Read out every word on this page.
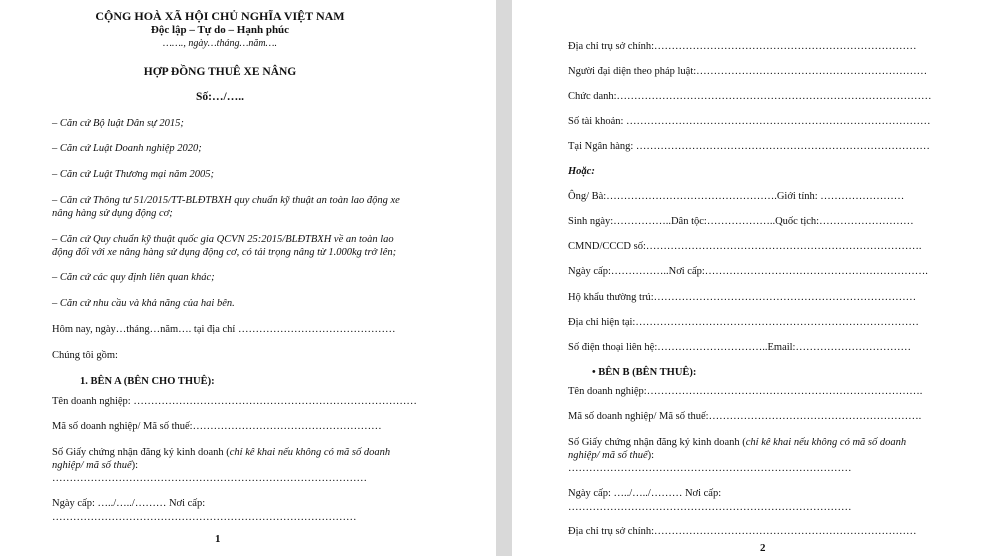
CỘNG HOÀ XÃ HỘI CHỦ NGHĨA VIỆT NAM
Độc lập – Tự do – Hạnh phúc
……., ngày…tháng…năm….
HỢP ĐỒNG THUÊ XE NÂNG
Số:…/…..
– Căn cứ Bộ luật Dân sự 2015;
– Căn cứ Luật Doanh nghiệp 2020;
– Căn cứ Luật Thương mại năm 2005;
– Căn cứ Thông tư 51/2015/TT-BLĐTBXH quy chuẩn kỹ thuật an toàn lao động xe
nâng hàng sử dụng động cơ;
– Căn cứ Quy chuẩn kỹ thuật quốc gia QCVN 25:2015/BLĐTBXH về an toàn lao
động đối với xe nâng hàng sử dụng động cơ, có tải trọng nâng từ 1.000kg trở lên;
– Căn cứ các quy định liên quan khác;
– Căn cứ nhu cầu và khả năng của hai bên.
Hôm nay, ngày…tháng…năm…. tại địa chỉ ………………………………………
Chúng tôi gồm:
1. BÊN A (BÊN CHO THUÊ):
Tên doanh nghiệp: ………………………………………………………………………
Mã số doanh nghiệp/ Mã số thuế:………………………………………………
Số Giấy chứng nhận đăng ký kinh doanh (chỉ kê khai nếu không có mã số doanh
nghiệp/ mã số thuế):
………………………………………………………………………………
Ngày cấp: …../…../……… Nơi cấp:
……………………………………………………………………………
1
Địa chỉ trụ sở chính:…………………………………………………………………
Người đại diện theo pháp luật:…………………………………………………………
Chức danh:………………………………………………………………………………
Số tài khoản: ……………………………………………………………………………
Tại Ngân hàng: …………………………………………………………………………
Hoặc:
Ông/ Bà:………………………………………….Giới tính: ……………………
Sinh ngày:……………..Dân tộc:………………..Quốc tịch:………………………
CMND/CCCD số:…………………………………………………………………….
Ngày cấp:……………..Nơi cấp:……………………………………………………….
Hộ khẩu thường trú:…………………………………………………………………
Địa chỉ hiện tại:………………………………………………………………………
Số điện thoại liên hệ:…………………………..Email:……………………………
• BÊN B (BÊN THUÊ):
Tên doanh nghiệp:…………………………………………………………………….
Mã số doanh nghiệp/ Mã số thuế:…………………………………………………….
Số Giấy chứng nhận đăng ký kinh doanh (chỉ kê khai nếu không có mã số doanh
nghiệp/ mã số thuế):
………………………………………………………………………
Ngày cấp: …../…../……… Nơi cấp:
………………………………………………………………………
Địa chỉ trụ sở chính:…………………………………………………………………
2
